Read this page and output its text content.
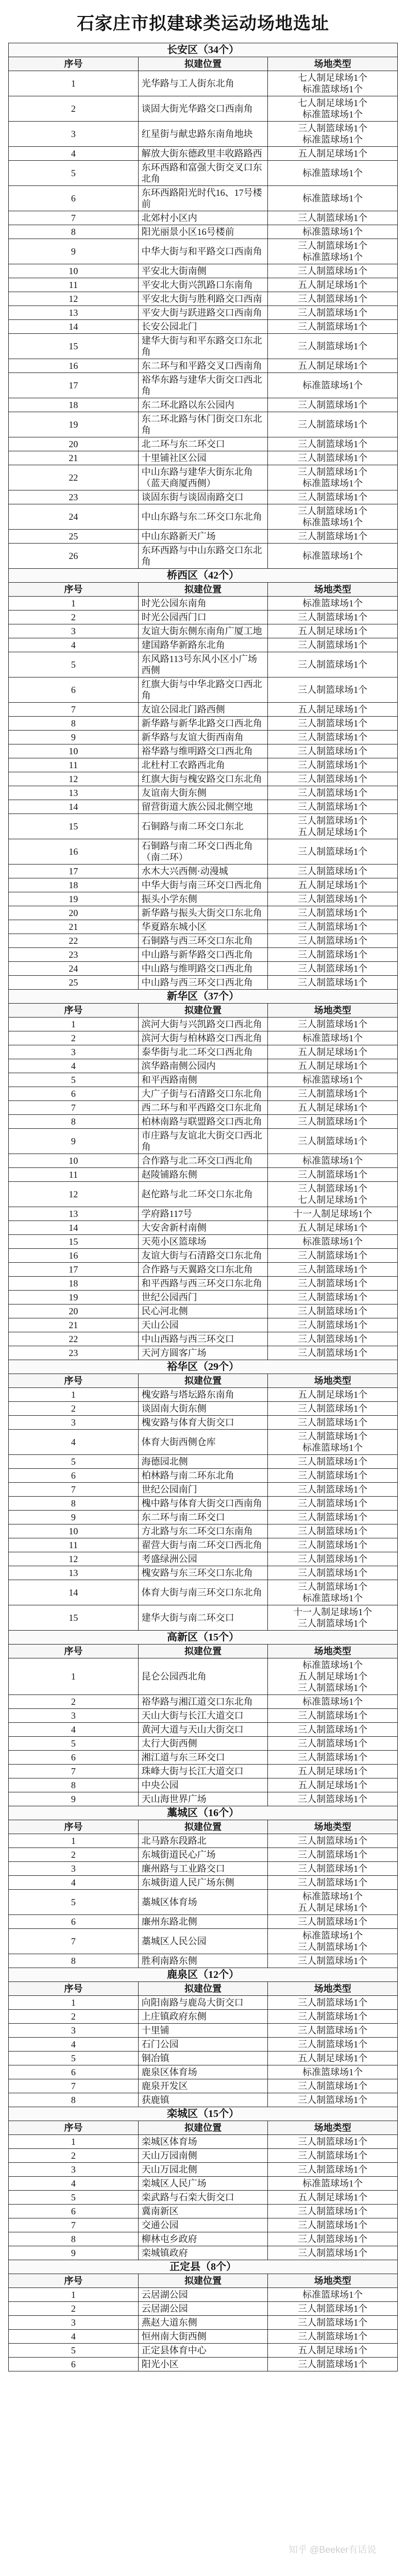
石家庄市拟建球类运动场地选址
长安区（34个）		
序号	拟建位置	场地类型
1	光华路与工人街东北角	七人制足球场1个
标准篮球场1个

2	谈固大街光华路交口西南角	七人制足球场1个
标准篮球场1个

3	红星街与献忠路东南角地块	三人制篮球场1个
标准篮球场1个

4	解放大街东德政里丰收路路西	五人制足球场1个

5	东环西路和富强大街交叉口东北角	标准篮球场1个

6	东环西路阳光时代16、17号楼前	标准篮球场1个

7	北郊村小区内	三人制篮球场1个

8	阳光丽景小区16号楼前	标准篮球场1个

9	中华大街与和平路交口西南角	三人制篮球场1个
标准篮球场1个

10	平安北大街南侧	三人制篮球场1个

11	平安北大街兴凯路口东南角	五人制足球场1个

12	平安北大街与胜利路交口西南	三人制篮球场1个

13	平安大街与跃进路交口西南角	三人制篮球场1个

14	长安公园北门	三人制篮球场1个

15	建华大街与和平东路交口东北角	三人制篮球场1个

16	东二环与和平路交叉口西南角	五人制足球场1个

17	裕华东路与建华大街交口西北角	标准篮球场1个

18	东二环北路以东公园内	三人制篮球场1个

19	东二环北路与休门街交口东北角	三人制篮球场1个

20	北二环与东二环交口	三人制篮球场1个

21	十里铺社区公园	三人制篮球场1个

22	中山东路与建华大街东北角（蓝天商厦西侧）	三人制篮球场1个
标准篮球场1个

23	谈固东街与谈固南路交口	三人制篮球场1个

24	中山东路与东二环交口东北角	三人制篮球场1个
标准篮球场1个

25	中山东路新天广场	三人制篮球场1个

26	东环西路与中山东路交口东北角	标准篮球场1个

桥西区（42个）		
序号	拟建位置	场地类型
1	时光公园东南角	标准篮球场1个

2	时光公园西门口	三人制篮球场1个

3	友谊大街东侧东南角广厦工地	五人制足球场1个

4	建国路华新路东北角	三人制篮球场1个

5	东风路113号东风小区小广场西侧	三人制篮球场1个

6	红旗大街与中华北路交口西北角	三人制篮球场1个

7	友谊公园北门路西侧	五人制足球场1个

8	新华路与新华北路交口西北角	三人制篮球场1个

9	新华路与友谊大街西南角	三人制篮球场1个

10	裕华路与维明路交口西北角	三人制篮球场1个

11	北杜村工农路西北角	三人制篮球场1个

12	红旗大街与槐安路交口东北角	三人制篮球场1个

13	友谊南大街东侧	三人制篮球场1个

14	留营街道大族公园北侧空地	三人制篮球场1个

15	石铜路与南二环交口东北	三人制篮球场1个
五人制足球场1个

16	石铜路与南二环交口西北角（南二环）	三人制篮球场1个

17	水木大兴西侧·动漫城	三人制篮球场1个

18	中华大街与南三环交口西北角	五人制足球场1个

19	振头小学东侧	三人制篮球场1个

20	新华路与振头大街交口东北角	三人制篮球场1个

21	华夏路东城小区	三人制篮球场1个

22	石铜路与西三环交口东北角	三人制篮球场1个

23	中山路与新华路交口西北角	三人制篮球场1个

24	中山路与维明路交口西北角	三人制篮球场1个

25	中山路与西三环交口西北角	三人制篮球场1个

新华区（37个）		
序号	拟建位置	场地类型
1	滨河大街与兴凯路交口西北角	三人制篮球场1个

2	滨河大街与柏林路交口西北角	标准篮球场1个

3	泰华街与北二环交口西北角	五人制足球场1个

4	滨华路南侧公园内	五人制足球场1个

5	和平西路南侧	标准篮球场1个

6	大广子街与石清路交口东北角	三人制篮球场1个

7	西二环与和平西路交口东北角	五人制足球场1个

8	柏林南路与联盟路交口西北角	三人制篮球场1个

9	市庄路与友谊北大街交口西北角	三人制篮球场1个

10	合作路与北二环交口西北角	标准篮球场1个

11	赵陵铺路东侧	三人制篮球场1个

12	赵佗路与北二环交口东北角	三人制篮球场1个
七人制足球场1个

13	学府路117号	十一人制足球场1个

14	大安舍新村南侧	五人制足球场1个

15	天苑小区篮球场	标准篮球场1个

16	友谊大街与石清路交口东北角	三人制篮球场1个

17	合作路与天翼路交口东北角	三人制篮球场1个

18	和平西路与西三环交口东北角	三人制篮球场1个

19	世纪公园西门	三人制篮球场1个

20	民心河北侧	三人制篮球场1个

21	天山公园	三人制篮球场1个

22	中山西路与西三环交口	三人制篮球场1个

23	天河方圆客广场	三人制篮球场1个

裕华区（29个）		
序号	拟建位置	场地类型
1	槐安路与塔坛路东南角	五人制足球场1个

2	谈固南大街东侧	三人制篮球场1个

3	槐安路与体育大街交口	三人制篮球场1个

4	体育大街西侧仓库	三人制篮球场1个
标准篮球场1个

5	海德园北侧	三人制篮球场1个

6	柏林路与南二环东北角	三人制篮球场1个

7	世纪公园南门	三人制篮球场1个

8	槐中路与体育大街交口西南角	三人制篮球场1个

9	东二环与南二环交口	三人制篮球场1个

10	方北路与东二环交口东南角	三人制篮球场1个

11	翟营大街与南二环交口西北角	三人制篮球场1个

12	考盛绿洲公园	三人制篮球场1个

13	槐安路与东三环交口东北角	三人制篮球场1个

14	体育大街与南三环交口东北角	三人制篮球场1个
标准篮球场1个

15	建华大街与南二环交口	十一人制足球场1个
三人制篮球场1个

高新区（15个）		
序号	拟建位置	场地类型
1	昆仑公园西北角	标准篮球场1个
五人制足球场1个
三人制篮球场1个

2	裕华路与湘江道交口东北角	标准篮球场1个

3	天山大街与长江大道交口	三人制篮球场1个

4	黄河大道与天山大街交口	三人制篮球场1个

5	太行大街西侧	三人制篮球场1个

6	湘江道与东三环交口	三人制篮球场1个

7	珠峰大街与长江大道交口	五人制足球场1个

8	中央公园	五人制足球场1个

9	天山海世界广场	三人制篮球场1个

藁城区（16个）		
序号	拟建位置	场地类型
1	北马路东段路北	三人制篮球场1个

2	东城街道民心广场	三人制篮球场1个

3	廉州路与工业路交口	三人制篮球场1个

4	东城街道人民广场东侧	三人制篮球场1个

5	藁城区体育场	标准篮球场1个
五人制足球场1个

6	廉州东路北侧	三人制篮球场1个

7	藁城区人民公园	标准篮球场1个
三人制篮球场1个

8	胜利南路东侧	三人制篮球场1个

鹿泉区（12个）		
序号	拟建位置	场地类型
1	向阳南路与鹿岛大街交口	三人制篮球场1个

2	上庄镇政府东侧	三人制篮球场1个

3	十里铺	三人制篮球场1个

4	石门公园	三人制篮球场1个

5	铜冶镇	五人制足球场1个

6	鹿泉区体育场	标准篮球场1个

7	鹿泉开发区	三人制篮球场1个

8	获鹿镇	三人制篮球场1个

栾城区（15个）		
序号	拟建位置	场地类型
1	栾城区体育场	三人制篮球场1个

2	天山万园南侧	三人制篮球场1个

3	天山万园北侧	三人制篮球场1个

4	栾城区人民广场	标准篮球场1个

5	栾武路与石栾大街交口	五人制足球场1个

6	冀南新区	三人制篮球场1个

7	交通公园	三人制篮球场1个

8	柳林屯乡政府	三人制篮球场1个

9	栾城镇政府	三人制篮球场1个

正定县（8个）		
序号	拟建位置	场地类型
1	云居湖公园	标准篮球场1个

2	云居湖公园	三人制篮球场1个

3	燕赵大道东侧	三人制篮球场1个

4	恒州南大街西侧	三人制篮球场1个

5	正定县体育中心	五人制足球场1个

6	阳光小区	三人制篮球场1个
知乎 @Beeker有话说
